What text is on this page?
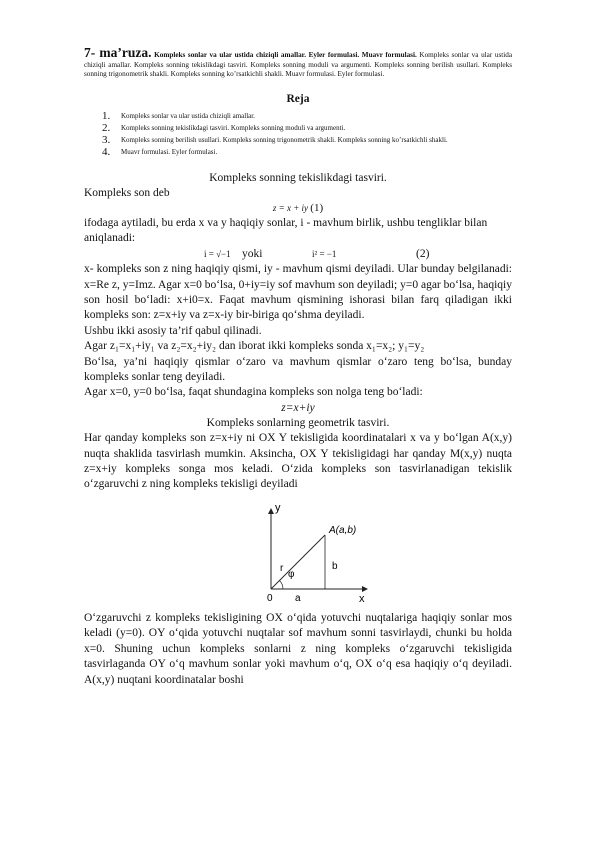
7- ma’ruza. Kompleks sonlar va ular ustida chiziqli amallar. Eyler formulasi. Muavr formulasi. Kompleks sonlar va ular ustida chiziqli amallar. Kompleks sonning tekislikdagi tasviri. Kompleks sonning moduli va argumenti. Kompleks sonning berilish usullari. Kompleks sonning trigonometrik shakli. Kompleks sonning ko’rsatkichli shakli. Muavr formulasi. Eyler formulasi.

Reja
1. Kompleks sonlar va ular ustida chiziqli amallar.
2. Kompleks sonning tekislikdagi tasviri. Kompleks sonning moduli va argumenti.
3. Kompleks sonning berilish usullari. Kompleks sonning trigonometrik shakli. Kompleks sonning ko’rsatkichli shakli.
4. Muavr formulasi. Eyler formulasi.
Kompleks sonning tekislikdagi tasviri.

Kompleks son deb

z = x + iy (1)

ifodaga aytiladi, bu erda x va y haqiqiy sonlar, i - mavhum birlik, ushbu tengliklar bilan aniqlanadi:

i = √−1 yoki	i² = −1	(2)

x- kompleks son z ning haqiqiy qismi, iy - mavhum qismi deyiladi. Ular bunday belgilanadi: x=Re z, y=Imz. Agar x=0 bo‘lsa, 0+iy=iy sof mavhum son deyiladi; y=0 agar bo‘lsa, haqiqiy son hosil bo‘ladi: x+i0=x. Faqat mavhum qismining ishorasi bilan farq qiladigan ikki kompleks son: z=x+iy va z=x-iy bir-biriga qo‘shma deyiladi.

Ushbu ikki asosiy ta’rif qabul qilinadi.

Agar z₁=x₁+iy₁ va z₂=x₂+iy₂ dan iborat ikki kompleks sonda x₁=x₂; y₁=y₂

Bo‘lsa, ya’ni haqiqiy qismlar o‘zaro va mavhum qismlar o‘zaro teng bo‘lsa, bunday kompleks sonlar teng deyiladi.

Agar x=0, y=0 bo‘lsa, faqat shundagina kompleks son nolga teng bo‘ladi:

z=x+iy
Kompleks sonlarning geometrik tasviri.

Har qanday kompleks son z=x+iy ni OX Y tekisligida koordinatalari x va y bo‘lgan A(x,y) nuqta shaklida tasvirlash mumkin. Aksincha, OX Y tekisligidagi har qanday M(x,y) nuqta z=x+iy kompleks songa mos keladi. O‘zida kompleks son tasvirlanadigan tekislik o‘zgaruvchi z ning kompleks tekisligi deyiladi

y
x
0
A(a,b)
r
φ
a
b

O‘zgaruvchi z kompleks tekisligining OX o‘qida yotuvchi nuqtalariga haqiqiy sonlar mos keladi (y=0). OY o‘qida yotuvchi nuqtalar sof mavhum sonni tasvirlaydi, chunki bu holda x=0. Shuning uchun kompleks sonlarni z ning kompleks o‘zgaruvchi tekisligida tasvirlaganda OY o‘q mavhum sonlar yoki mavhum o‘q, OX o‘q esa haqiqiy o‘q deyiladi. A(x,y) nuqtani koordinatalar boshi
